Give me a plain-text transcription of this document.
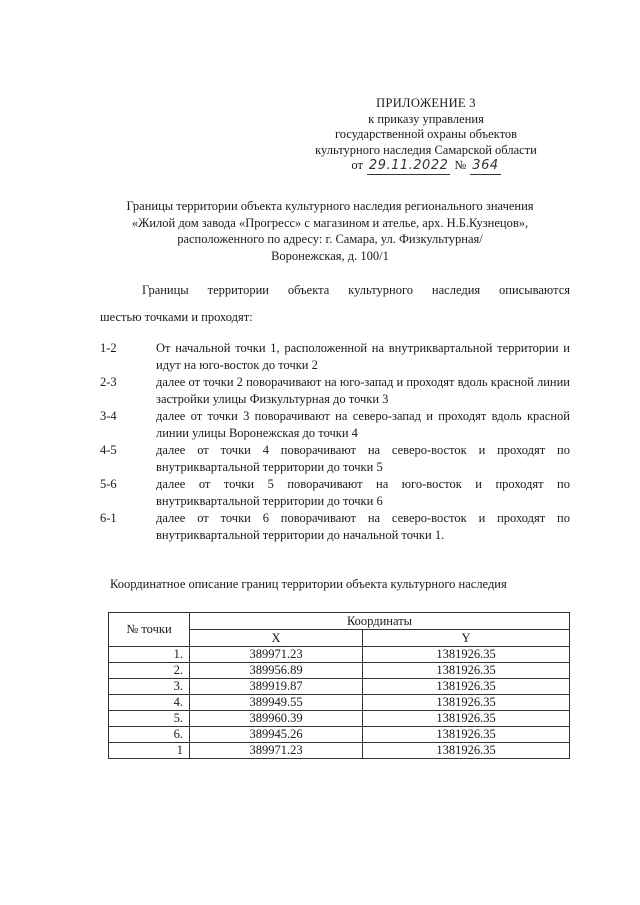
ПРИЛОЖЕНИЕ 3
к приказу управления
государственной охраны объектов
культурного наследия Самарской области
от 29.11.2022 № 364
Границы территории объекта культурного наследия регионального значения
«Жилой дом завода «Прогресс» с магазином и ателье, арх. Н.Б.Кузнецов»,
расположенного по адресу: г. Самара, ул. Физкультурная/
Воронежская, д. 100/1
Границы территории объекта культурного наследия описываются
шестью точками и проходят:
1-2	От начальной точки 1, расположенной на внутриквартальной территории и идут на юго-восток до точки 2
2-3	далее от точки 2 поворачивают на юго-запад и проходят вдоль красной линии застройки улицы Физкультурная до точки 3
3-4	далее от точки 3 поворачивают на северо-запад и проходят вдоль красной линии улицы Воронежская до точки 4
4-5	далее от точки 4 поворачивают на северо-восток и проходят по внутриквартальной территории до точки 5
5-6	далее от точки 5 поворачивают на юго-восток и проходят по внутриквартальной территории до точки 6
6-1	далее от точки 6 поворачивают на северо-восток и проходят по внутриквартальной территории до начальной точки 1.
Координатное описание границ территории объекта культурного наследия
№ точки	Координаты	
	X	Y
1.	389971.23	1381926.35
2.	389956.89	1381926.35
3.	389919.87	1381926.35
4.	389949.55	1381926.35
5.	389960.39	1381926.35
6.	389945.26	1381926.35
1	389971.23	1381926.35
